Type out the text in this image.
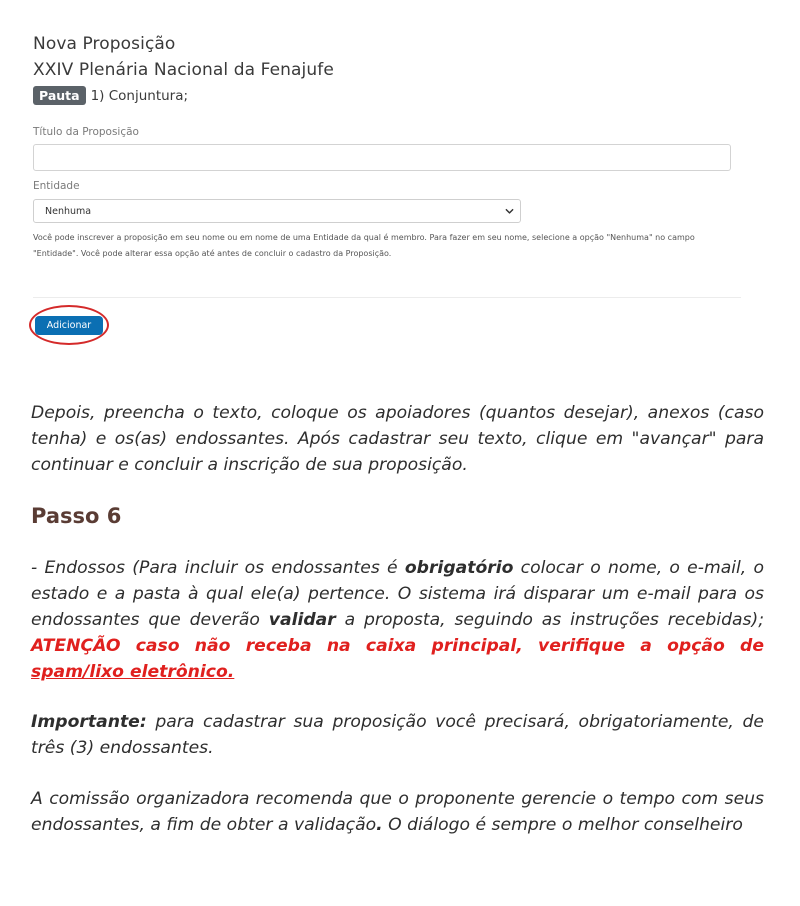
Nova Proposição
XXIV Plenária Nacional da Fenajufe
Pauta 1) Conjuntura;
Título da Proposição
Entidade
Nenhuma
Você pode inscrever a proposição em seu nome ou em nome de uma Entidade da qual é membro. Para fazer em seu nome, selecione a opção "Nenhuma" no campo "Entidade". Você pode alterar essa opção até antes de concluir o cadastro da Proposição.
Adicionar
Depois, preencha o texto, coloque os apoiadores (quantos desejar), anexos (caso tenha) e os(as) endossantes. Após cadastrar seu texto, clique em "avançar" para continuar e concluir a inscrição de sua proposição.
Passo 6
- Endossos (Para incluir os endossantes é obrigatório colocar o nome, o e-mail, o estado e a pasta à qual ele(a) pertence. O sistema irá disparar um e-mail para os endossantes que deverão validar a proposta, seguindo as instruções recebidas); ATENÇÃO caso não receba na caixa principal, verifique a opção de spam/lixo eletrônico.
Importante: para cadastrar sua proposição você precisará, obrigatoriamente, de três (3) endossantes.
A comissão organizadora recomenda que o proponente gerencie o tempo com seus endossantes, a fim de obter a validação. O diálogo é sempre o melhor conselheiro
